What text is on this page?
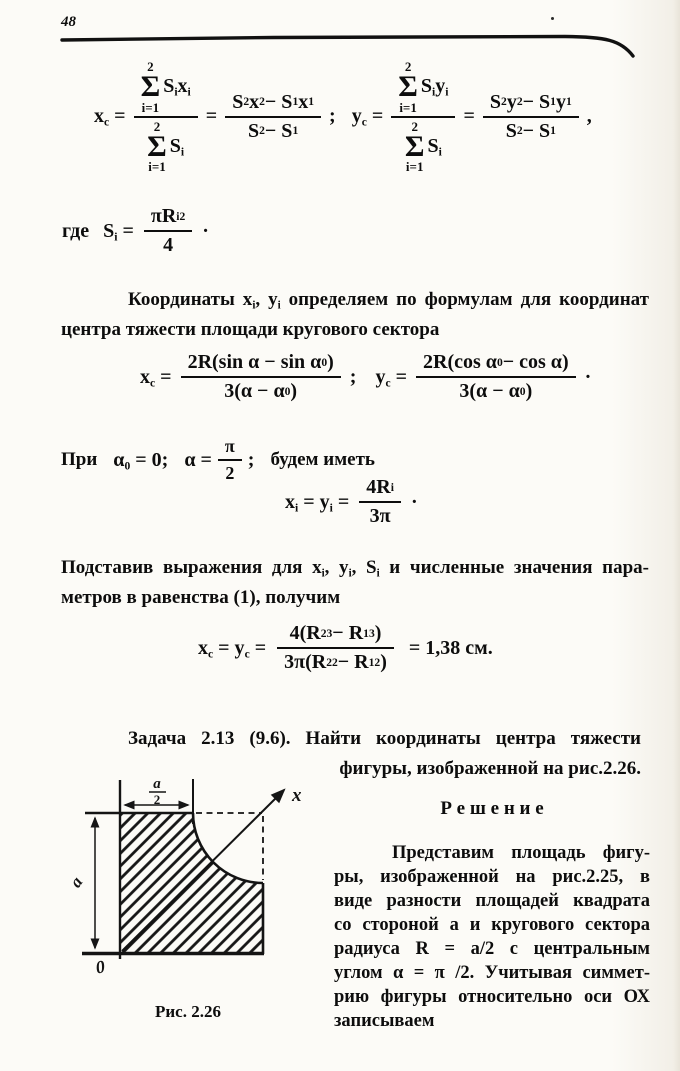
48
$x_c = 2$
Σ
i=1
$S_ix_i$
2
Σ
i=1
$S_i = \frac{S 2 x 2 - S 1 x 1}{S 2 - S 1}$ ; $y_c = 2$
Σ
i=1
$S_iy_i$
2
Σ
i=1
$S_i = \frac{S 2 y 2 - S 1 y 1}{S 2 - S 1}$ ,
где $S_i = \frac{\text{πR i 2}}{4}$ ·
Координаты $x_i$, $y_i$ определяем по формулам для координат
центра тяжести площади кругового сектора
$x_c = \frac{\text{2R(sin α − sin α 0 )}}{3(\alpha - \alpha 0 )}$ ; $y_c = \frac{\text{2R(cos α 0 − cos α)}}{3(\alpha - \alpha 0 )}$ ·
При $\alpha_0 = 0$; $\alpha = \frac{\pi}{2}$ ; будем иметь
$x_i = y_i = \frac{\text{4R i}}{3\pi}$ ·
Подставив выражения для $x_i$, $y_i$, $S_i$ и численные значения пара-
метров в равенства (1), получим
$x_c = y_c = \frac{4(R 2 3 - R 1 3 )}{3\pi(R 2 2 - R 1 2 )} = 1,38$ см.
Задача 2.13 (9.6). Найти координаты центра тяжести
фигуры, изображенной на рис.2.26.
a
2
a
x
0
Рис. 2.26
Р е ш е н и е
Представим площадь фигу-
ры, изображенной на рис.2.25, в
виде разности площадей квадрата
со стороной а и кругового сектора
радиуса R = а/2 с центральным
углом α = π /2. Учитывая симмет-
рию фигуры относительно оси ОХ
записываем
